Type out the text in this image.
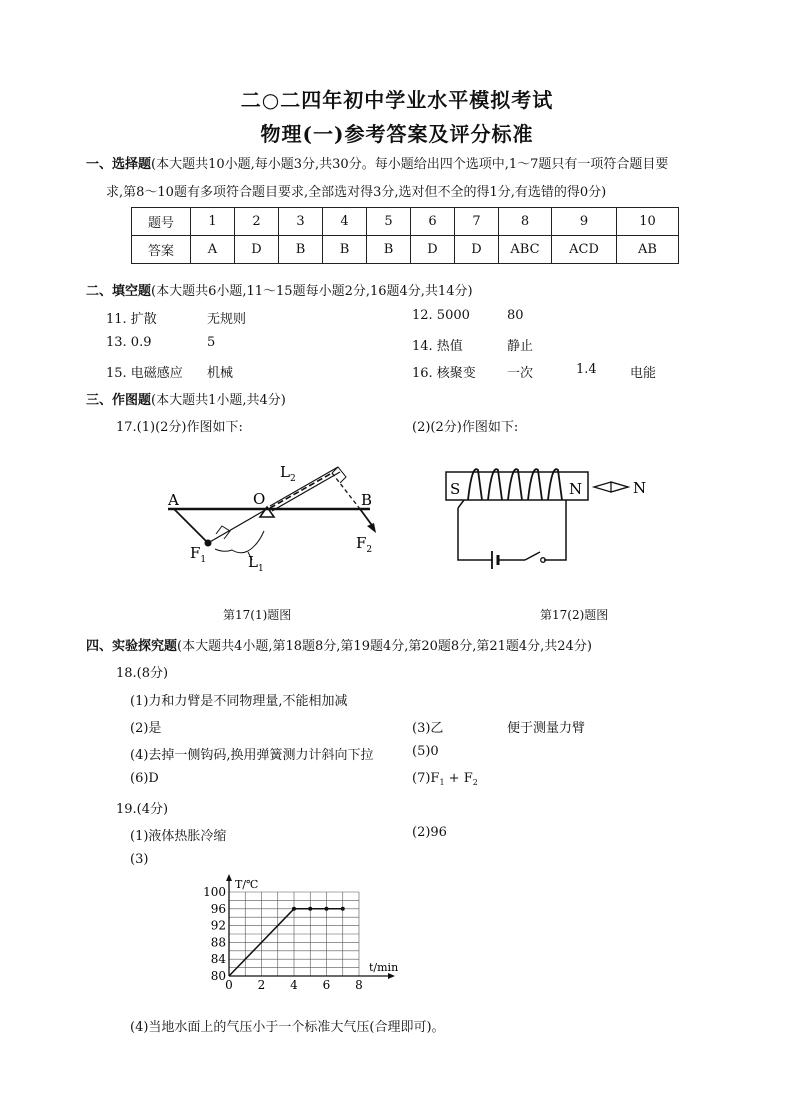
二○二四年初中学业水平模拟考试
物理(一)参考答案及评分标准
一、选择题(本大题共10小题,每小题3分,共30分。每小题给出四个选项中,1～7题只有一项符合题目要
求,第8～10题有多项符合题目要求,全部选对得3分,选对但不全的得1分,有选错的得0分)
题号	1	2	3	4	5	6	7	8	9	10
答案	A	D	B	B	B	D	D	ABC	ACD	AB
二、填空题(本大题共6小题,11～15题每小题2分,16题4分,共14分)
11. 扩散	无规则	12. 5000	80
13. 0.9	5	14. 热值	静止
15. 电磁感应 机械	16. 核聚变 一次	1.4	电能
三、作图题(本大题共1小题,共4分)
17.(1)(2分)作图如下:	(2)(2分)作图如下:
A	O	B
$L_2$
$F_1$	$L_1$
$F_2$
S	N	N
第17(1)题图	第17(2)题图
四、实验探究题(本大题共4小题,第18题8分,第19题4分,第20题8分,第21题4分,共24分)
18.(8分)
(1)力和力臂是不同物理量,不能相加减
(2)是	(3)乙	便于测量力臂
(4)去掉一侧钩码,换用弹簧测力计斜向下拉	(5)0
(6)D	$(7)F_1 + F_2$
19.(4分)
(1)液体热胀冷缩	(2)96
(3)
0 2 4 6 8
80
84
88
92
96
100
t/min
T/℃
(4)当地水面上的气压小于一个标准大气压(合理即可)。
